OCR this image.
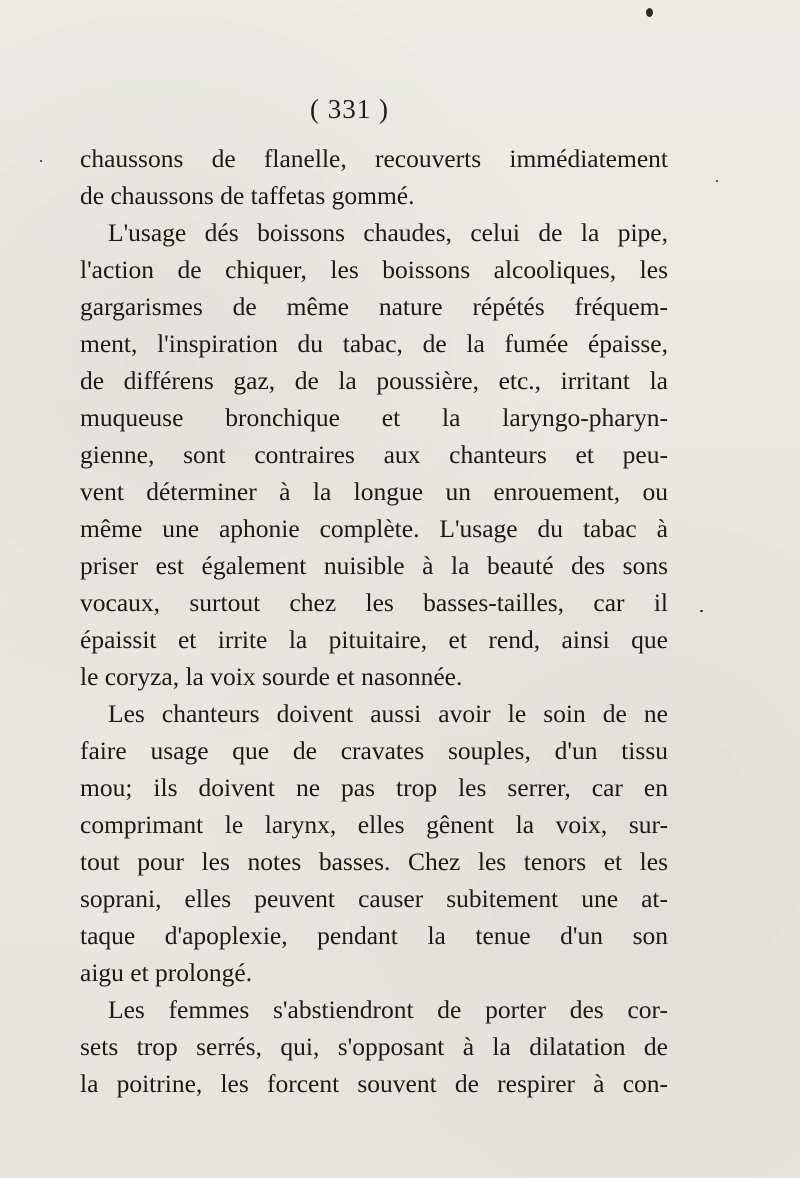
( 331 )
chaussons de flanelle, recouverts immédiatement
de chaussons de taffetas gommé.
L'usage dés boissons chaudes, celui de la pipe,
l'action de chiquer, les boissons alcooliques, les
gargarismes de même nature répétés fréquem-
ment, l'inspiration du tabac, de la fumée épaisse,
de différens gaz, de la poussière, etc., irritant la
muqueuse bronchique et la laryngo-pharyn-
gienne, sont contraires aux chanteurs et peu-
vent déterminer à la longue un enrouement, ou
même une aphonie complète. L'usage du tabac à
priser est également nuisible à la beauté des sons
vocaux, surtout chez les basses-tailles, car il
épaissit et irrite la pituitaire, et rend, ainsi que
le coryza, la voix sourde et nasonnée.
Les chanteurs doivent aussi avoir le soin de ne
faire usage que de cravates souples, d'un tissu
mou; ils doivent ne pas trop les serrer, car en
comprimant le larynx, elles gênent la voix, sur-
tout pour les notes basses. Chez les tenors et les
soprani, elles peuvent causer subitement une at-
taque d'apoplexie, pendant la tenue d'un son
aigu et prolongé.
Les femmes s'abstiendront de porter des cor-
sets trop serrés, qui, s'opposant à la dilatation de
la poitrine, les forcent souvent de respirer à con-
